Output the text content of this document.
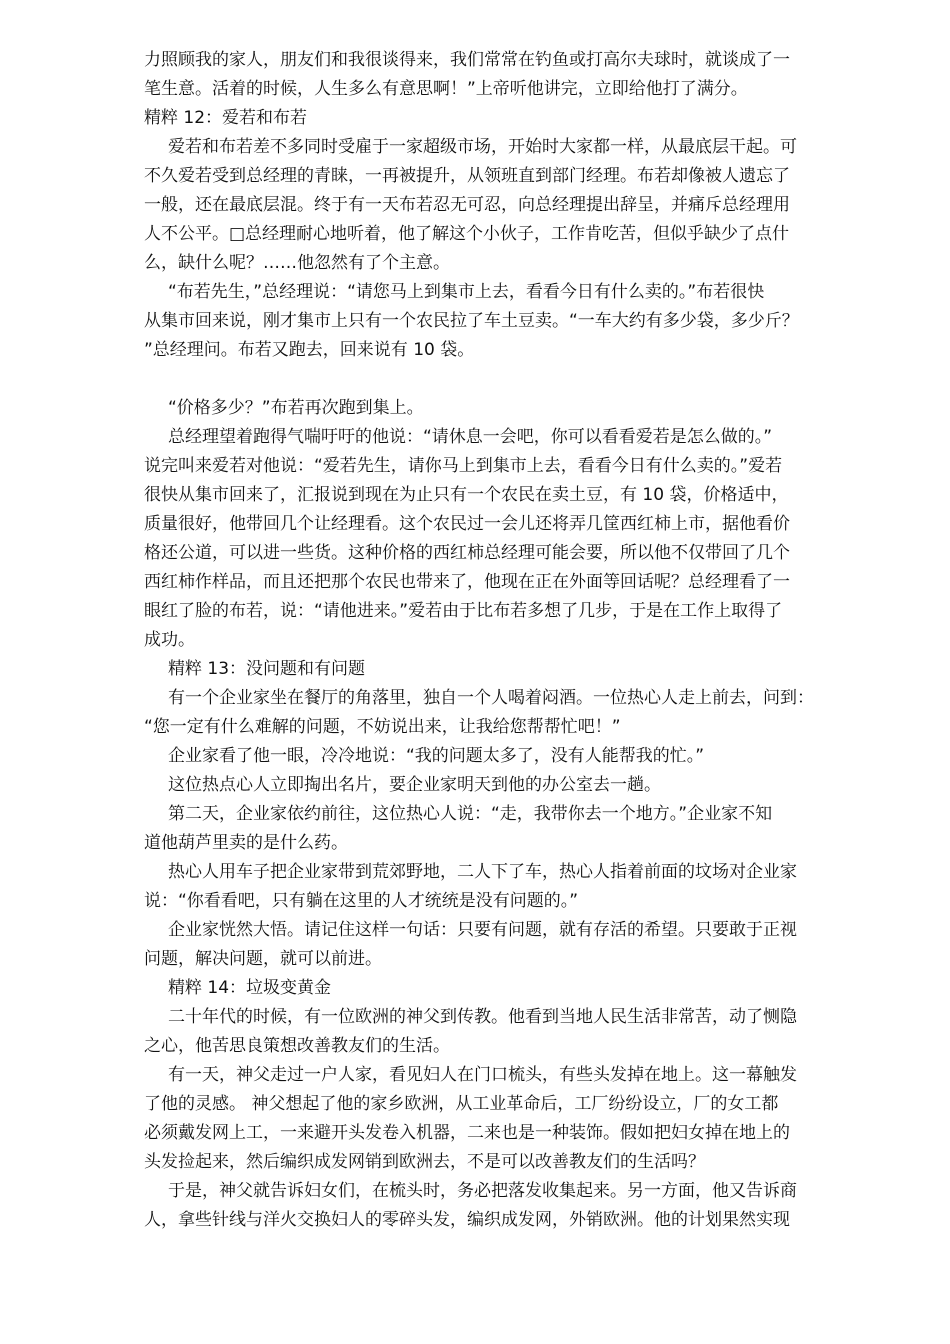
力照顾我的家人，朋友们和我很谈得来，我们常常在钓鱼或打高尔夫球时，就谈成了一
笔生意。活着的时候，人生多么有意思啊！”上帝听他讲完，立即给他打了满分。
精粹 12：爱若和布若
爱若和布若差不多同时受雇于一家超级市场，开始时大家都一样，从最底层干起。可
不久爱若受到总经理的青睐，一再被提升，从领班直到部门经理。布若却像被人遗忘了
一般，还在最底层混。终于有一天布若忍无可忍，向总经理提出辞呈，并痛斥总经理用
人不公平。□总经理耐心地听着，他了解这个小伙子，工作肯吃苦，但似乎缺少了点什
么，缺什么呢？……他忽然有了个主意。
“布若先生，”总经理说：“请您马上到集市上去，看看今日有什么卖的。”布若很快
从集市回来说，刚才集市上只有一个农民拉了车土豆卖。“一车大约有多少袋，多少斤？
”总经理问。布若又跑去，回来说有 10 袋。
“价格多少？”布若再次跑到集上。
总经理望着跑得气喘吁吁的他说：“请休息一会吧，你可以看看爱若是怎么做的。”
说完叫来爱若对他说：“爱若先生，请你马上到集市上去，看看今日有什么卖的。”爱若
很快从集市回来了，汇报说到现在为止只有一个农民在卖土豆，有 10 袋，价格适中，
质量很好，他带回几个让经理看。这个农民过一会儿还将弄几筐西红柿上市，据他看价
格还公道，可以进一些货。这种价格的西红柿总经理可能会要，所以他不仅带回了几个
西红柿作样品，而且还把那个农民也带来了，他现在正在外面等回话呢？总经理看了一
眼红了脸的布若，说：“请他进来。”爱若由于比布若多想了几步，于是在工作上取得了
成功。
精粹 13：没问题和有问题
有一个企业家坐在餐厅的角落里，独自一个人喝着闷酒。一位热心人走上前去，问到：
“您一定有什么难解的问题，不妨说出来，让我给您帮帮忙吧！”
企业家看了他一眼，冷冷地说：“我的问题太多了，没有人能帮我的忙。”
这位热点心人立即掏出名片，要企业家明天到他的办公室去一趟。
第二天，企业家依约前往，这位热心人说：“走，我带你去一个地方。”企业家不知
道他葫芦里卖的是什么药。
热心人用车子把企业家带到荒郊野地，二人下了车，热心人指着前面的坟场对企业家
说：“你看看吧，只有躺在这里的人才统统是没有问题的。”
企业家恍然大悟。请记住这样一句话：只要有问题，就有存活的希望。只要敢于正视
问题，解决问题，就可以前进。
精粹 14：垃圾变黄金
二十年代的时候，有一位欧洲的神父到传教。他看到当地人民生活非常苦，动了恻隐
之心，他苦思良策想改善教友们的生活。
有一天，神父走过一户人家，看见妇人在门口梳头，有些头发掉在地上。这一幕触发
了他的灵感。 神父想起了他的家乡欧洲，从工业革命后，工厂纷纷设立，厂的女工都
必须戴发网上工，一来避开头发卷入机器，二来也是一种装饰。假如把妇女掉在地上的
头发捡起来，然后编织成发网销到欧洲去，不是可以改善教友们的生活吗？
于是，神父就告诉妇女们，在梳头时，务必把落发收集起来。另一方面，他又告诉商
人，拿些针线与洋火交换妇人的零碎头发，编织成发网，外销欧洲。他的计划果然实现
